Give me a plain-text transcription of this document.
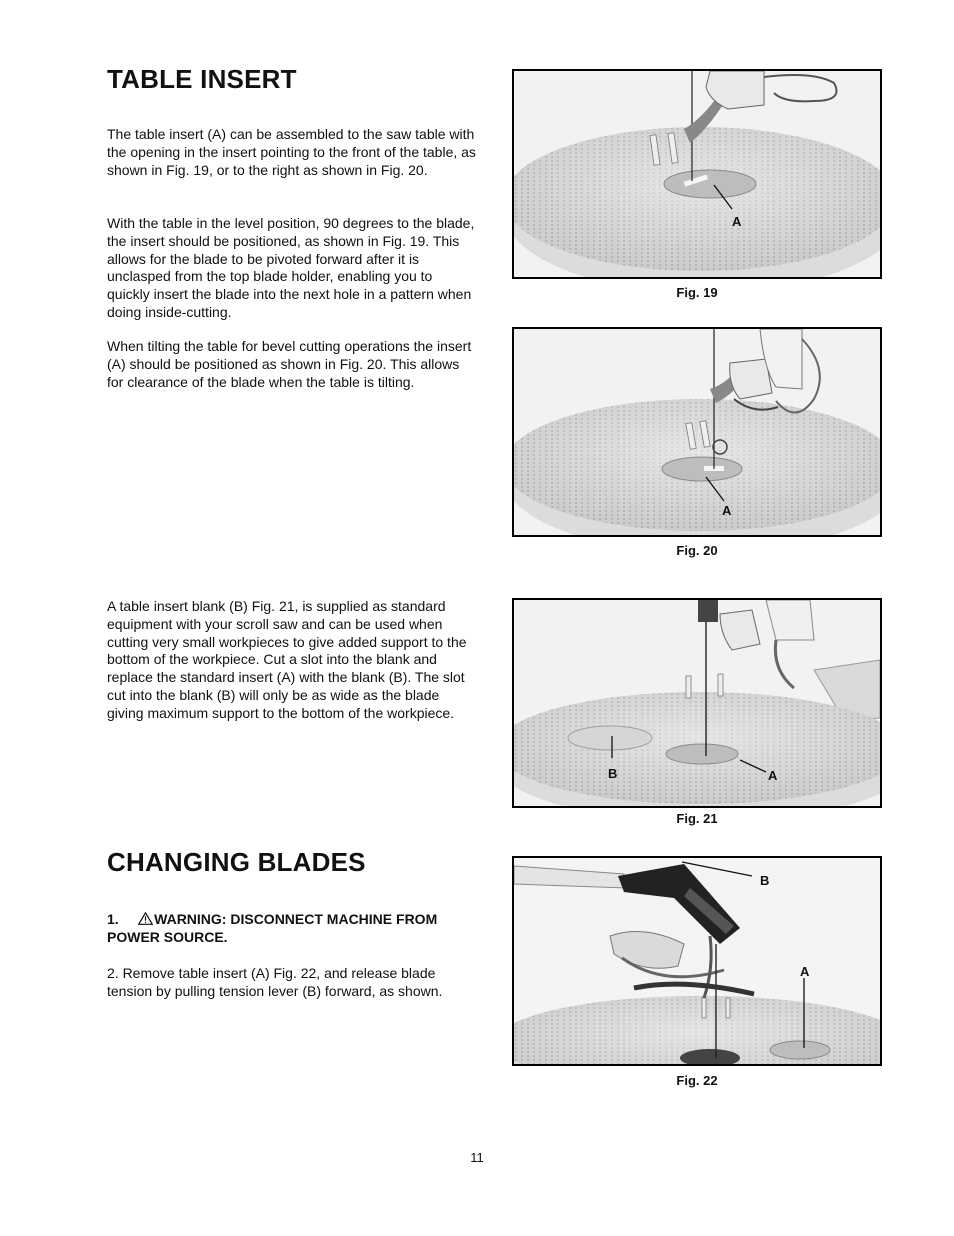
TABLE INSERT

The table insert (A) can be assembled to the saw table with the opening in the insert pointing to the front of the table, as shown in Fig. 19, or to the right as shown in Fig. 20.

With the table in the level position, 90 degrees to the blade, the insert should be positioned, as shown in Fig. 19. This allows for the blade to be pivoted forward after it is unclasped from the top blade holder, enabling you to quickly insert the blade into the next hole in a pattern when doing inside-cutting.

When tilting the table for bevel cutting operations the insert (A) should be positioned as shown in Fig. 20. This allows for clearance of the blade when the table is tilting.

A table insert blank (B) Fig. 21, is supplied as standard equipment with your scroll saw and can be used when cutting very small workpieces to give added support to the bottom of the workpiece. Cut a slot into the blank and replace the standard insert (A) with the blank (B). The slot cut into the blank (B) will only be as wide as the blade giving maximum support to the bottom of the workpiece.

CHANGING BLADES

1.	WARNING: DISCONNECT MACHINE FROM POWER SOURCE.

2. Remove table insert (A) Fig. 22, and release blade tension by pulling tension lever (B) forward, as shown.

A
Fig. 19
A
Fig. 20
B	A
Fig. 21
B
A
Fig. 22
11
